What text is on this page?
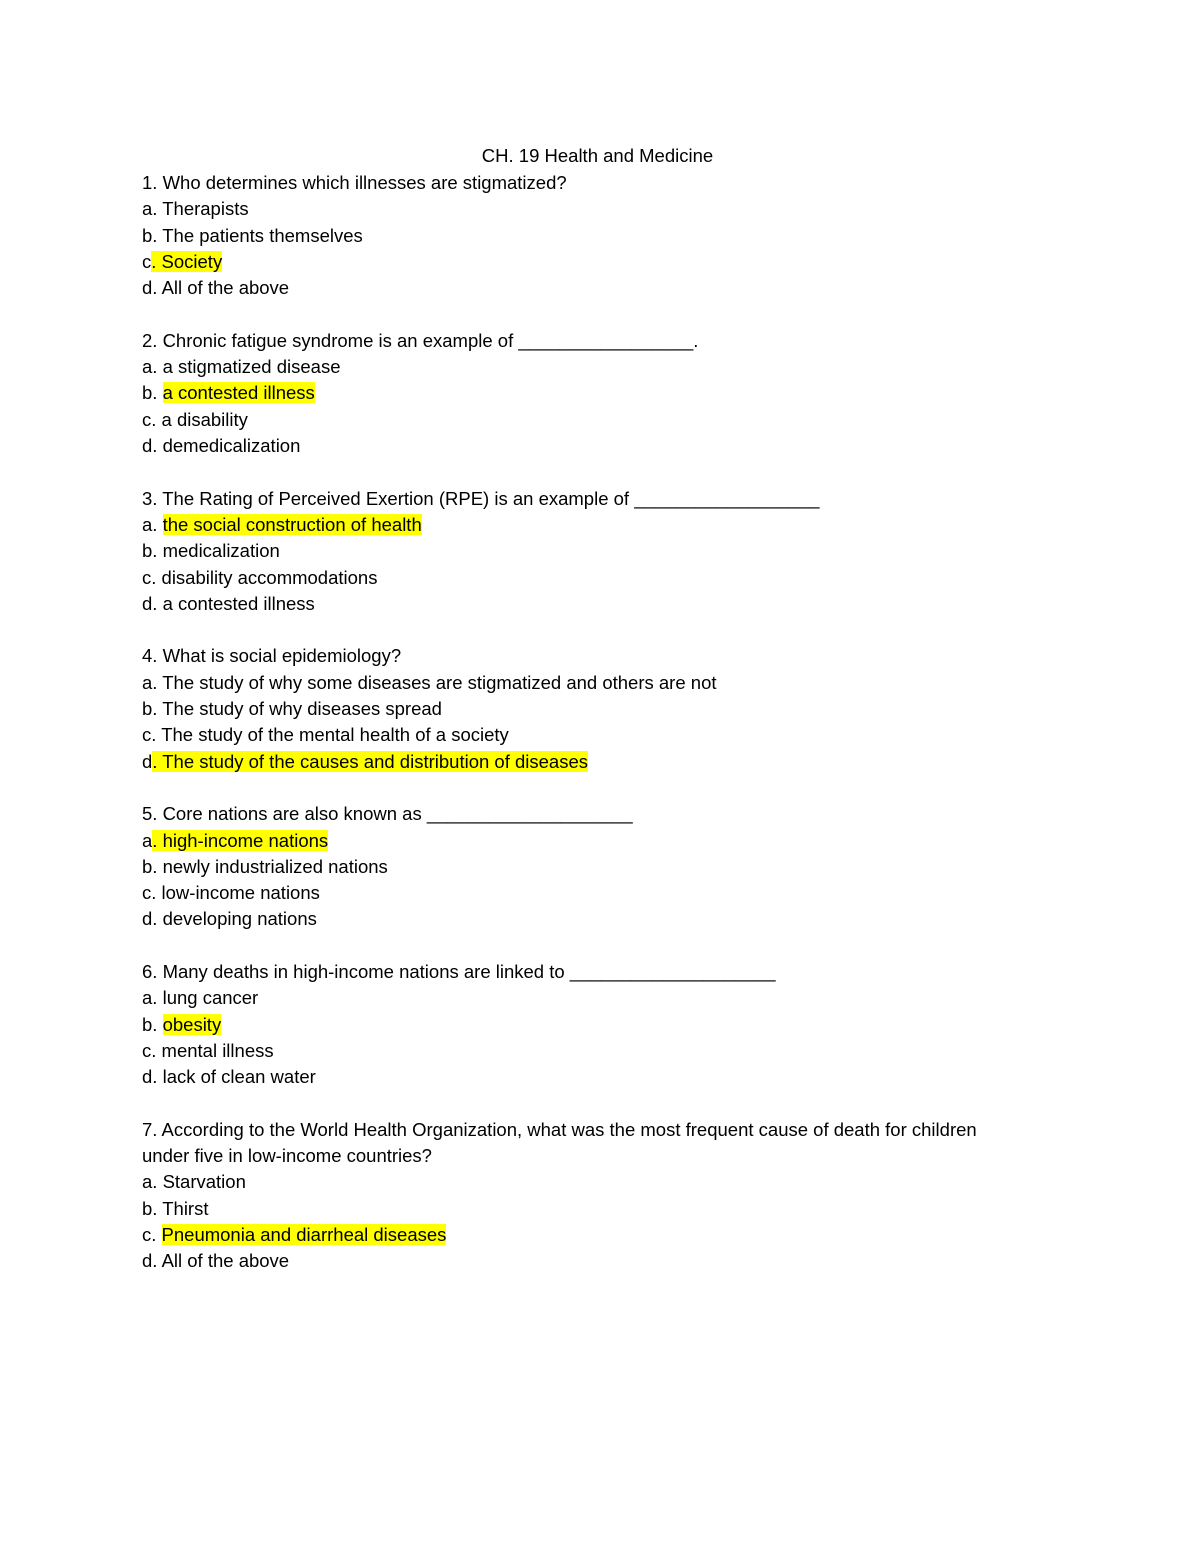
CH. 19 Health and Medicine
1. Who determines which illnesses are stigmatized?
a. Therapists
b. The patients themselves
c. Society
d. All of the above
2. Chronic fatigue syndrome is an example of _________________.
a. a stigmatized disease
b. a contested illness
c. a disability
d. demedicalization
3. The Rating of Perceived Exertion (RPE) is an example of __________________
a. the social construction of health
b. medicalization
c. disability accommodations
d. a contested illness
4. What is social epidemiology?
a. The study of why some diseases are stigmatized and others are not
b. The study of why diseases spread
c. The study of the mental health of a society
d. The study of the causes and distribution of diseases
5. Core nations are also known as ____________________
a. high-income nations
b. newly industrialized nations
c. low-income nations
d. developing nations
6. Many deaths in high-income nations are linked to ____________________
a. lung cancer
b. obesity
c. mental illness
d. lack of clean water
7. According to the World Health Organization, what was the most frequent cause of death for children
under five in low-income countries?
a. Starvation
b. Thirst
c. Pneumonia and diarrheal diseases
d. All of the above
